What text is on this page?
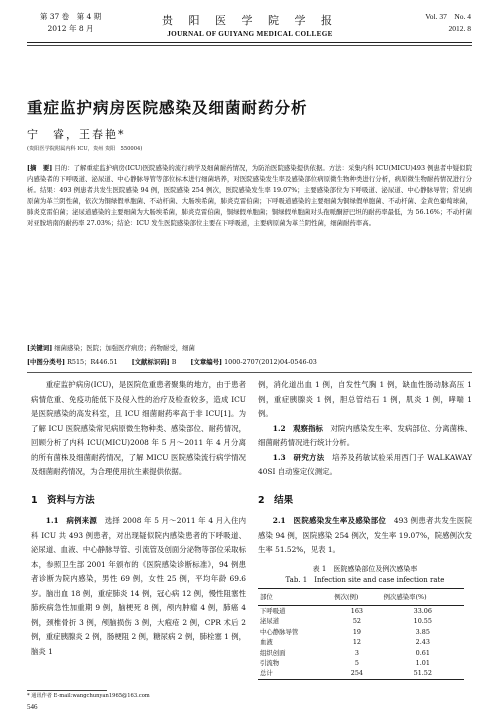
第 37 卷　第 4 期
2012 年 8 月
贵 阳 医 学 院 学 报
JOURNAL OF GUIYANG MEDICAL COLLEGE
Vol. 37　No. 4
2012. 8
重症监护病房医院感染及细菌耐药分析
宁　睿，王春艳*
(贵阳医学院附属内科 ICU，贵州 贵阳　550004)
[摘　要] 目的：了解重症监护病房(ICU)医院感染的流行病学及细菌耐药情况，为防治医院感染提供依据。方法：采集内科 ICU(MICU)493 例患者中疑似院内感染者的下呼吸道、泌尿道、中心静脉导管等部位标本进行细菌培养，对医院感染发生率及感染部位病原微生物种类进行分析，病原微生物耐药情况进行分析。结果：493 例患者共发生医院感染 94 例，医院感染 254 例次，医院感染发生率 19.07%；主要感染部位为下呼吸道、泌尿道、中心静脉导管；常见病原菌为革兰阴性菌，依次为铜绿假单胞菌、不动杆菌、大肠埃希菌，肺炎克雷伯菌；下呼吸道感染的主要细菌为铜绿假单胞菌、不动杆菌、金黄色葡萄球菌，肺炎克雷伯菌；泌尿道感染的主要细菌为大肠埃希菌，肺炎克雷伯菌，铜绿假单胞菌；铜绿假单胞菌对头孢哌酮舒巴坦的耐药率最低，为 56.16%；不动杆菌对亚胺培南的耐药率 27.03%；结论：ICU 发生医院感染部位主要在下呼吸道，主要病原菌为革兰阴性菌，细菌耐药率高。
[关键词] 细菌感染；医院；加强医疗病房；药物耐受，细菌
[中图分类号] R515；R446.51 [文献标识码] B [文章编号] 1000-2707(2012)04-0546-03

重症监护病房(ICU)，是医院危重患者聚集的地方，由于患者病情危重、免疫功能低下及侵入性的治疗及检查较多，造成 ICU 是医院感染的高发科室，且 ICU 细菌耐药率高于非 ICU[1]。为了解 ICU 医院感染常见病原微生物种类、感染部位、耐药情况，回顾分析了内科 ICU(MICU)2008 年 5 月～2011 年 4 月分离的所有菌株及细菌耐药情况，了解 MICU 医院感染流行病学情况及细菌耐药情况，为合理使用抗生素提供依据。

1　资料与方法

1.1　病例来源　 选择 2008 年 5 月～2011 年 4 月入住内科 ICU 共 493 例患者，对出现疑似院内感染患者的下呼吸道、泌尿道、血液、中心静脉导管、引流管及创面分泌物等部位采取标本，参照卫生部 2001 年颁布的《医院感染诊断标准》，94 例患者诊断为院内感染，男性 69 例，女性 25 例，平均年龄 69.6 岁。脑出血 18 例，重症肺炎 14 例，冠心病 12 例，慢性阻塞性肺疾病急性加重期 9 例，脑梗死 8 例，颅内肿瘤 4 例，肺癌 4 例，颈椎骨折 3 例，颅脑损伤 3 例，大疱疮 2 例，CPR 术后 2 例，重症胰腺炎 2 例，肠梗阻 2 例，糖尿病 2 例，肺栓塞 1 例，脑炎 1

例，消化道出血 1 例，自发性气胸 1 例，缺血性肠动脉高压 1 例，重症胰腺炎 1 例，胆总管结石 1 例，肌炎 1 例，哮喘 1 例。

1.2　观察指标　 对院内感染发生率、发病部位、分离菌株、细菌耐药情况进行统计分析。

1.3　研究方法　 培养及药敏试验采用西门子 WALKAWAY 40SI 自动鉴定仪测定。

2　结果

2.1　医院感染发生率及感染部位　 493 例患者共发生医院感染 94 例，医院感染 254 例次，发生率 19.07%，院感例次发生率 51.52%，见表 1。

表 1　医院感染部位及例次感染率
Tab. 1　Infection site and case infection rate
部位	例次(例)	例次感染率(%)
下呼吸道	163	33.06
泌尿道	52	10.55
中心静脉导管	19	3.85
血液	12	2.43
组织创面	3	0.61
引流物	5	1.01
总计	254	51.52
* 通讯作者 E-mail:wangchunyan1965@163.com
546
